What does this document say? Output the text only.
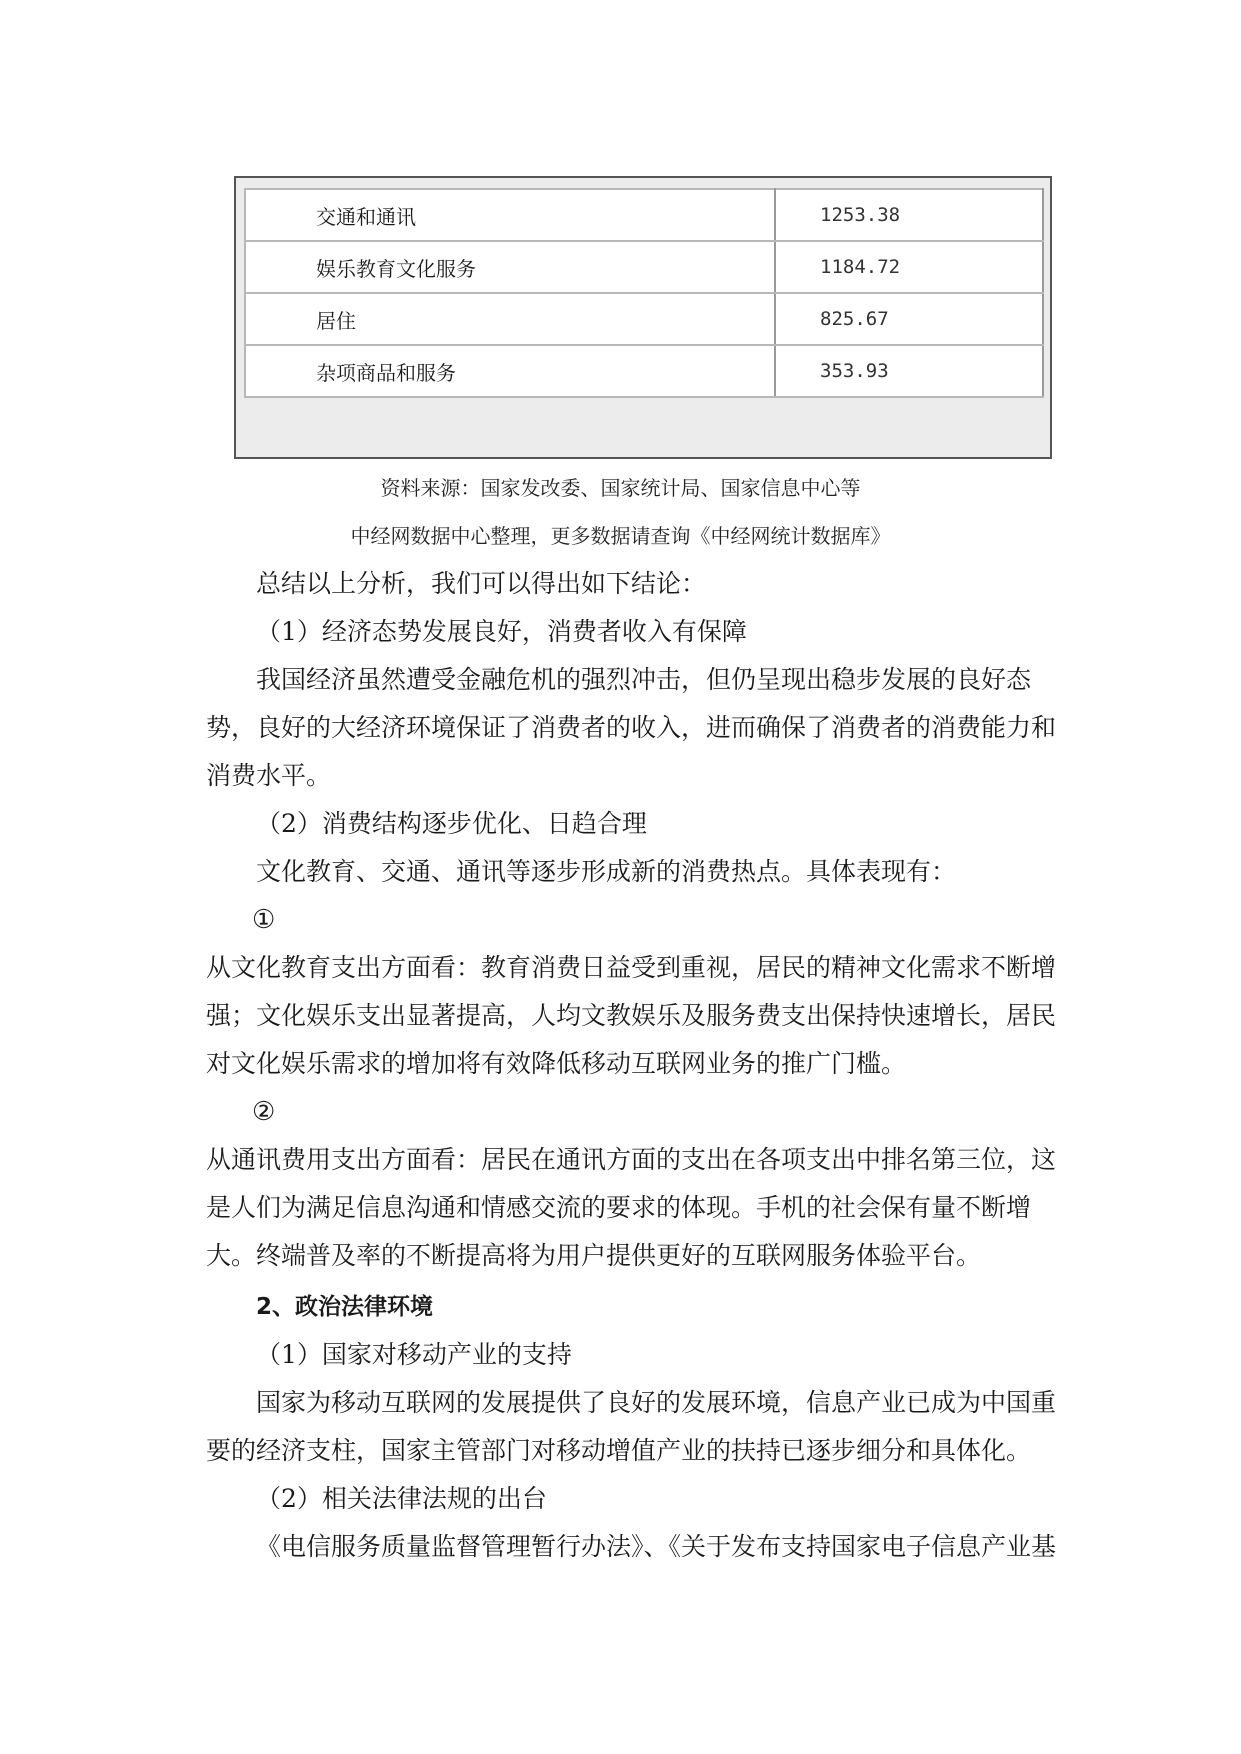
交通和通讯	1253.38
娱乐教育文化服务	1184.72
居住	825.67
杂项商品和服务	353.93
资料来源：国家发改委、国家统计局、国家信息中心等
中经网数据中心整理，更多数据请查询《中经网统计数据库》
总结以上分析，我们可以得出如下结论：
（1）经济态势发展良好，消费者收入有保障
我国经济虽然遭受金融危机的强烈冲击，但仍呈现出稳步发展的良好态势，良好的大经济环境保证了消费者的收入，进而确保了消费者的消费能力和消费水平。
（2）消费结构逐步优化、日趋合理
文化教育、交通、通讯等逐步形成新的消费热点。具体表现有：
①
从文化教育支出方面看：教育消费日益受到重视，居民的精神文化需求不断增强；文化娱乐支出显著提高，人均文教娱乐及服务费支出保持快速增长，居民对文化娱乐需求的增加将有效降低移动互联网业务的推广门槛。
②
从通讯费用支出方面看：居民在通讯方面的支出在各项支出中排名第三位，这是人们为满足信息沟通和情感交流的要求的体现。手机的社会保有量不断增大。终端普及率的不断提高将为用户提供更好的互联网服务体验平台。
2、政治法律环境
（1）国家对移动产业的支持
国家为移动互联网的发展提供了良好的发展环境，信息产业已成为中国重要的经济支柱，国家主管部门对移动增值产业的扶持已逐步细分和具体化。
（2）相关法律法规的出台
《电信服务质量监督管理暂行办法》、《关于发布支持国家电子信息产业基
